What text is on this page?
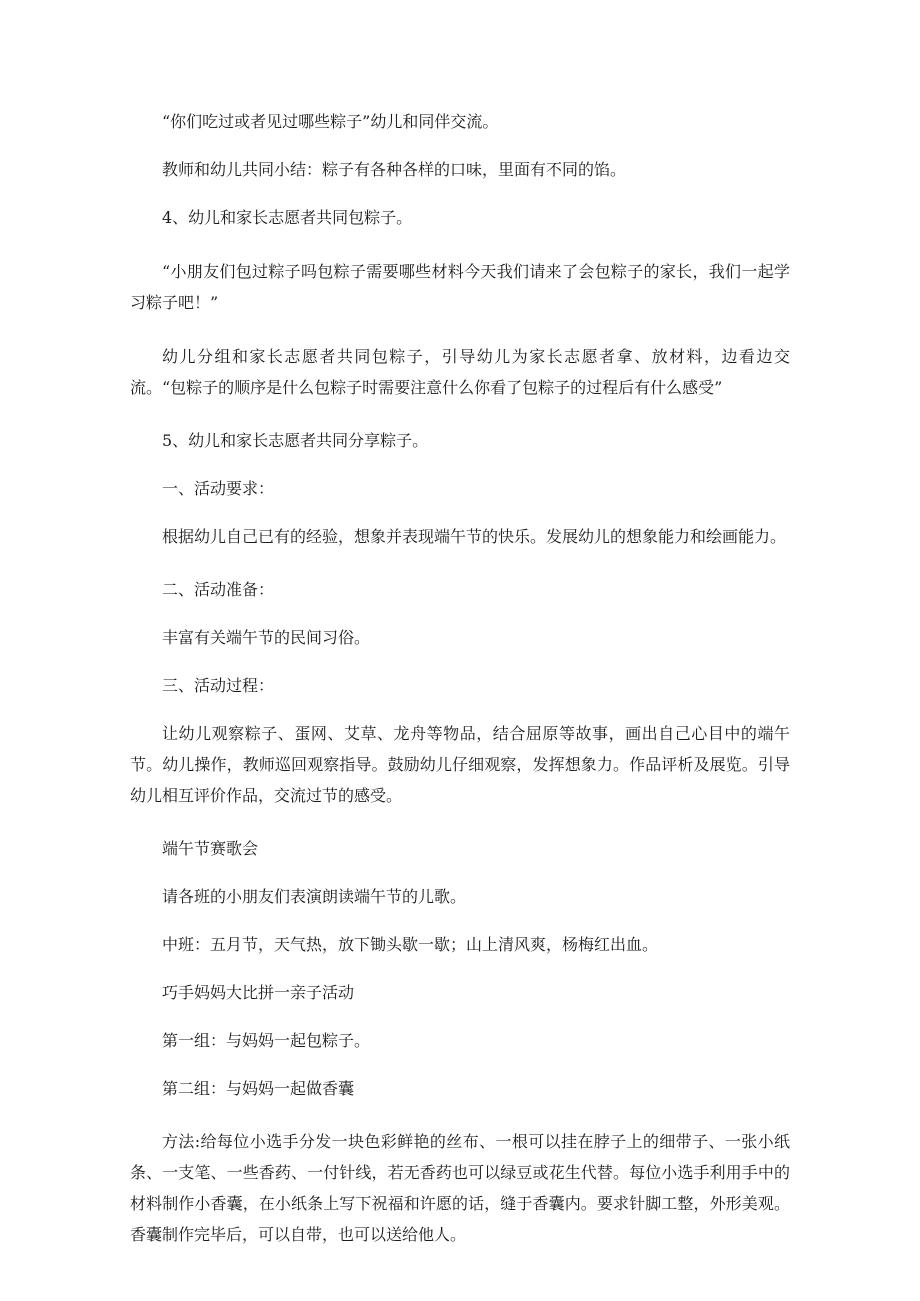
“你们吃过或者见过哪些粽子”幼儿和同伴交流。

教师和幼儿共同小结：粽子有各种各样的口味，里面有不同的馅。

4、幼儿和家长志愿者共同包粽子。

“小朋友们包过粽子吗包粽子需要哪些材料今天我们请来了会包粽子的家长，我们一起学习粽子吧！”

幼儿分组和家长志愿者共同包粽子，引导幼儿为家长志愿者拿、放材料，边看边交流。“包粽子的顺序是什么包粽子时需要注意什么你看了包粽子的过程后有什么感受”

5、幼儿和家长志愿者共同分享粽子。

一、活动要求：

根据幼儿自己已有的经验，想象并表现端午节的快乐。发展幼儿的想象能力和绘画能力。

二、活动准备：

丰富有关端午节的民间习俗。

三、活动过程：

让幼儿观察粽子、蛋网、艾草、龙舟等物品，结合屈原等故事，画出自己心目中的端午节。幼儿操作，教师巡回观察指导。鼓励幼儿仔细观察，发挥想象力。作品评析及展览。引导幼儿相互评价作品，交流过节的感受。

端午节赛歌会

请各班的小朋友们表演朗读端午节的儿歌。

中班：五月节，天气热，放下锄头歇一歇；山上清风爽，杨梅红出血。

巧手妈妈大比拼一亲子活动

第一组：与妈妈一起包粽子。

第二组：与妈妈一起做香囊

方法:给每位小选手分发一块色彩鲜艳的丝布、一根可以挂在脖子上的细带子、一张小纸条、一支笔、一些香药、一付针线，若无香药也可以绿豆或花生代替。每位小选手利用手中的材料制作小香囊，在小纸条上写下祝福和许愿的话，缝于香囊内。要求针脚工整，外形美观。香囊制作完毕后，可以自带，也可以送给他人。
